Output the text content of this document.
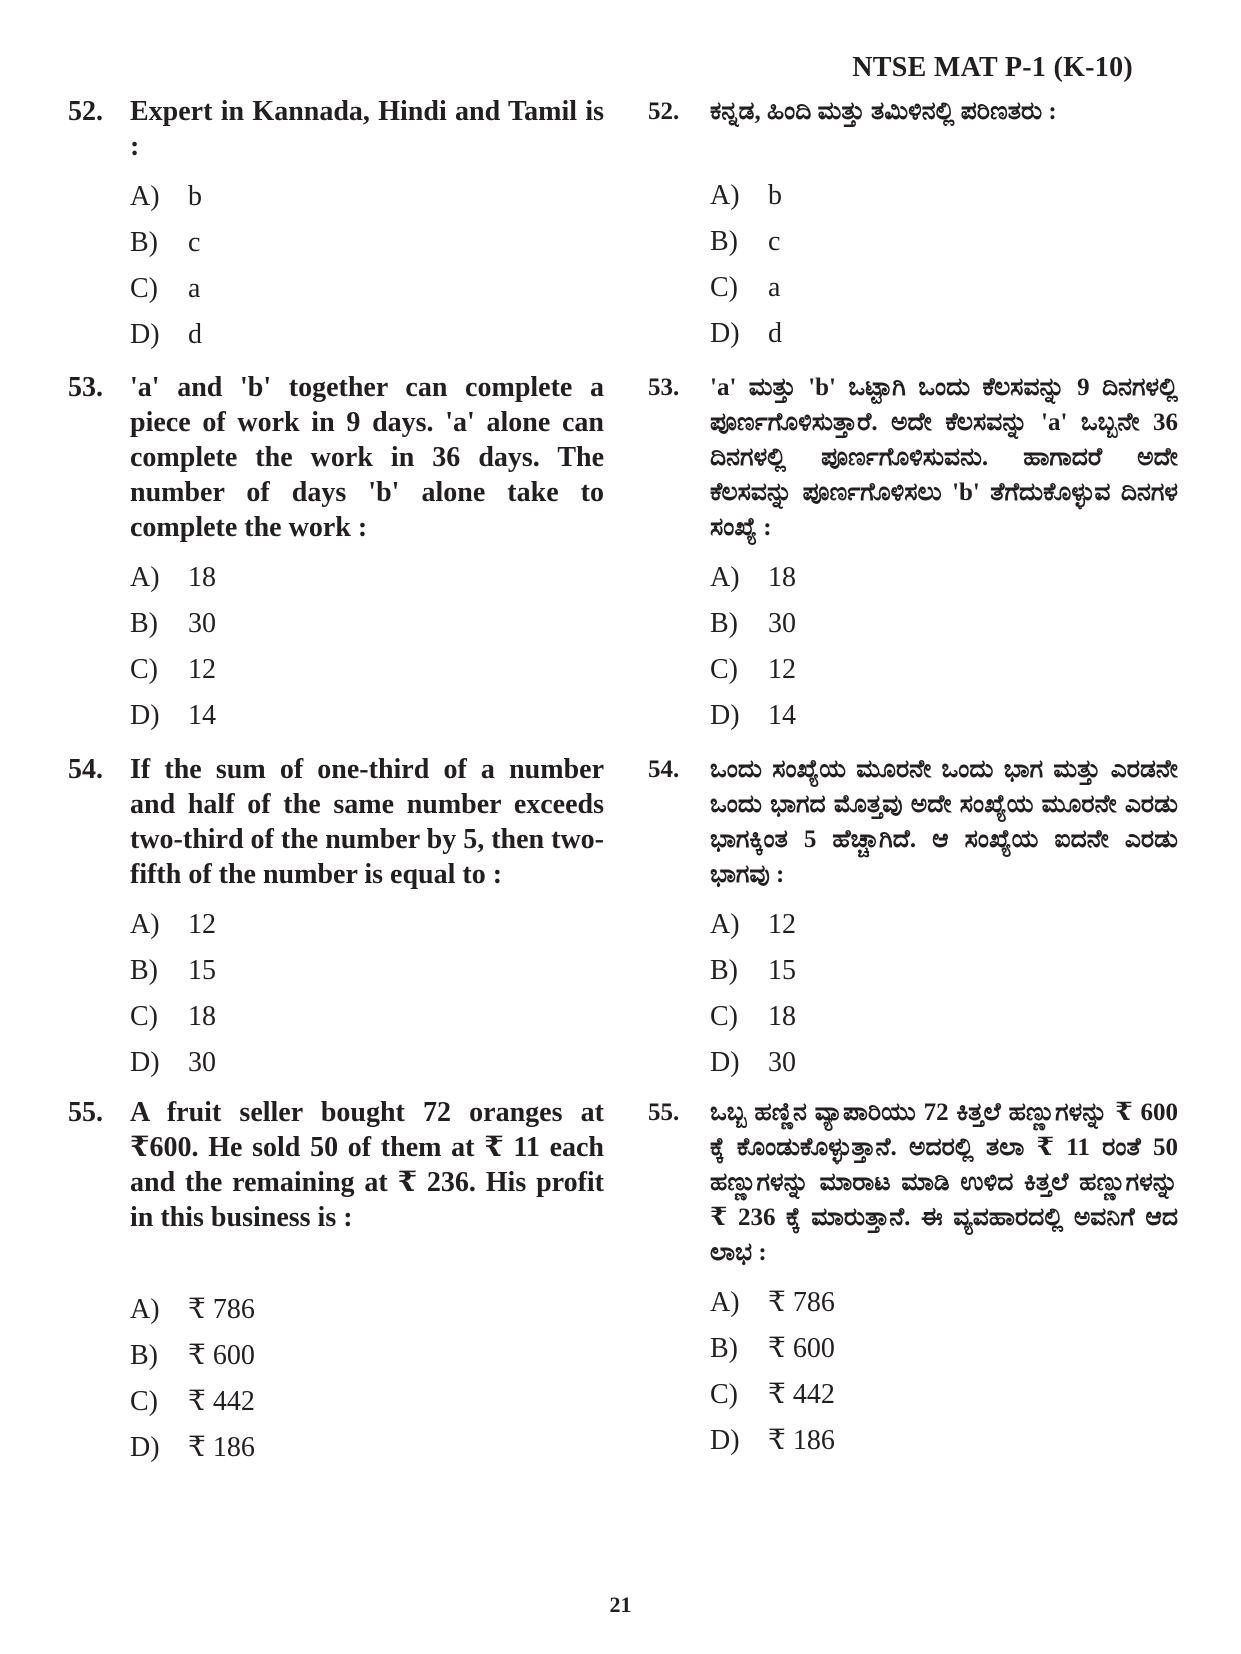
NTSE MAT P-1 (K-10)
52. Expert in Kannada, Hindi and Tamil is :
A) b
B) c
C) a
D) d
53. 'a' and 'b' together can complete a piece of work in 9 days. 'a' alone can complete the work in 36 days. The number of days 'b' alone take to complete the work :
A) 18
B) 30
C) 12
D) 14
54. If the sum of one-third of a number and half of the same number exceeds two-third of the number by 5, then two- fifth of the number is equal to :
A) 12
B) 15
C) 18
D) 30
55. A fruit seller bought 72 oranges at ₹600. He sold 50 of them at ₹ 11 each and the remaining at ₹ 236. His profit in this business is :
A) ₹ 786
B) ₹ 600
C) ₹ 442
D) ₹ 186
52. ಕನ್ನಡ, ಹಿಂದಿ ಮತ್ತು ತಮಿಳಿನಲ್ಲಿ ಪರಿಣತರು :
A) b
B) c
C) a
D) d
53. 'a' ಮತ್ತು 'b' ಒಟ್ಟಾಗಿ ಒಂದು ಕೆಲಸವನ್ನು 9 ದಿನಗಳಲ್ಲಿ ಪೂರ್ಣಗೊಳಿಸುತ್ತಾರೆ. ಅದೇ ಕೆಲಸವನ್ನು 'a' ಒಬ್ಬನೇ 36 ದಿನಗಳಲ್ಲಿ ಪೂರ್ಣಗೊಳಿಸುವನು. ಹಾಗಾದರೆ ಅದೇ ಕೆಲಸವನ್ನು ಪೂರ್ಣಗೊಳಿಸಲು 'b' ತೆಗೆದುಕೊಳ್ಳುವ ದಿನಗಳ ಸಂಖ್ಯೆ :
A) 18
B) 30
C) 12
D) 14
54. ಒಂದು ಸಂಖ್ಯೆಯ ಮೂರನೇ ಒಂದು ಭಾಗ ಮತ್ತು ಎರಡನೇ ಒಂದು ಭಾಗದ ಮೊತ್ತವು ಅದೇ ಸಂಖ್ಯೆಯ ಮೂರನೇ ಎರಡು ಭಾಗಕ್ಕಿಂತ 5 ಹೆಚ್ಚಾಗಿದೆ. ಆ ಸಂಖ್ಯೆಯ ಐದನೇ ಎರಡು ಭಾಗವು :
A) 12
B) 15
C) 18
D) 30
55. ಒಬ್ಬ ಹಣ್ಣಿನ ವ್ಯಾಪಾರಿಯು 72 ಕಿತ್ತಲೆ ಹಣ್ಣುಗಳನ್ನು ₹ 600 ಕ್ಕೆ ಕೊಂಡುಕೊಳ್ಳುತ್ತಾನೆ. ಅದರಲ್ಲಿ ತಲಾ ₹ 11 ರಂತೆ 50 ಹಣ್ಣುಗಳನ್ನು ಮಾರಾಟ ಮಾಡಿ ಉಳಿದ ಕಿತ್ತಲೆ ಹಣ್ಣುಗಳನ್ನು ₹ 236 ಕ್ಕೆ ಮಾರುತ್ತಾನೆ. ಈ ವ್ಯವಹಾರದಲ್ಲಿ ಅವನಿಗೆ ಆದ ಲಾಭ :
A) ₹ 786
B) ₹ 600
C) ₹ 442
D) ₹ 186
21
